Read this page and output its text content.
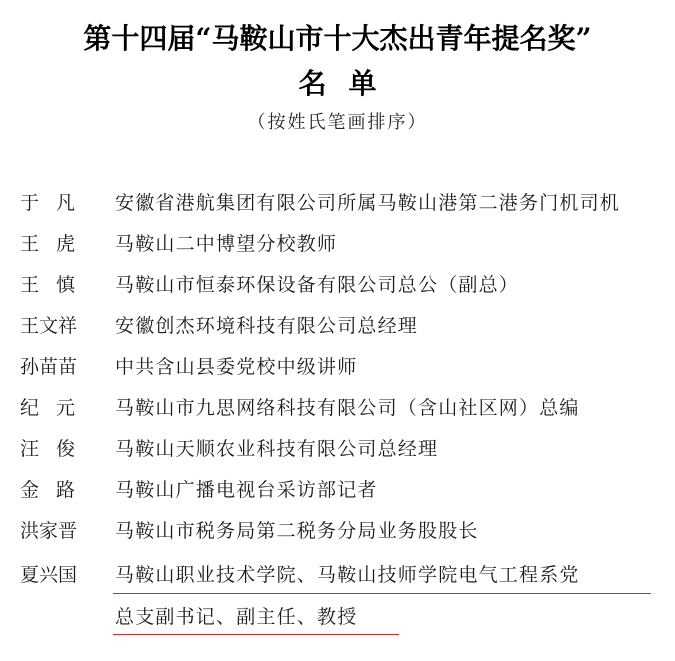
第十四届“马鞍山市十大杰出青年提名奖”
名单
（按姓氏笔画排序）
于凡 安徽省港航集团有限公司所属马鞍山港第二港务门机司机
王虎 马鞍山二中博望分校教师
王慎 马鞍山市恒泰环保设备有限公司总公（副总）
王文祥 安徽创杰环境科技有限公司总经理
孙苗苗 中共含山县委党校中级讲师
纪元 马鞍山市九思网络科技有限公司（含山社区网）总编
汪俊 马鞍山天顺农业科技有限公司总经理
金路 马鞍山广播电视台采访部记者
洪家晋 马鞍山市税务局第二税务分局业务股股长
夏兴国 马鞍山职业技术学院、马鞍山技师学院电气工程系党
总支副书记、副主任、教授
